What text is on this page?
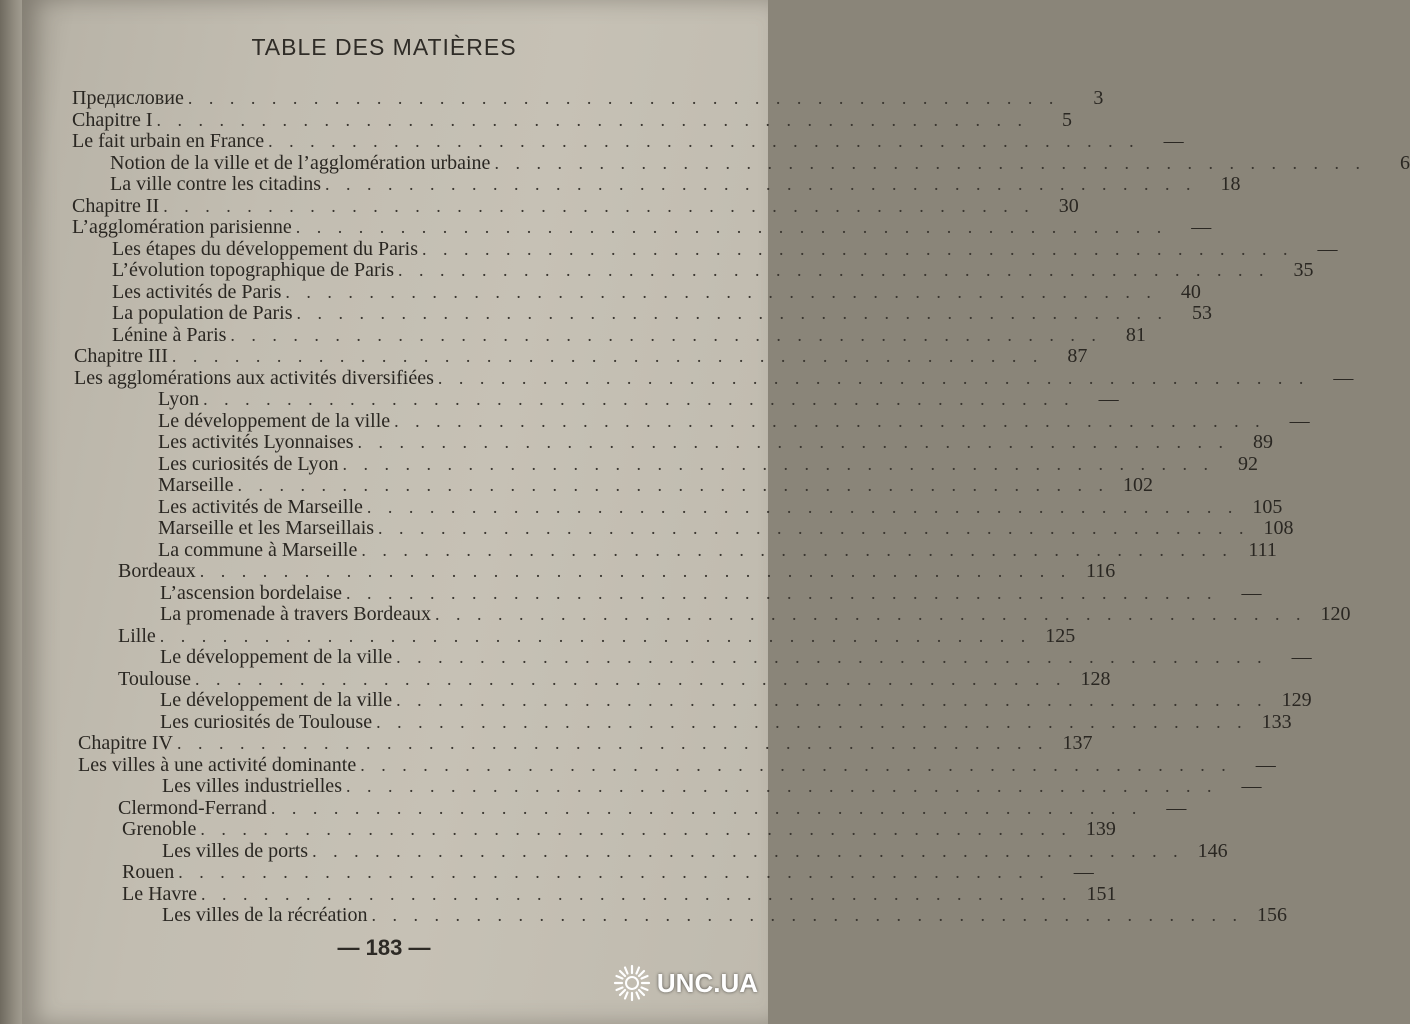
TABLE DES MATIÈRES
Предисловие . . . . . . . . . . . . . . . . . . . . . . . . . . . . . . . . . . . . . . . . . .	3
Chapitre I . . . . . . . . . . . . . . . . . . . . . . . . . . . . . . . . . . . . . . . . . .	5
Le fait urbain en France . . . . . . . . . . . . . . . . . . . . . . . . . . . . . . . . . . . . . . . . . .	—
Notion de la ville et de l’agglomération urbaine . . . . . . . . . . . . . . . . . . . . . . . . . . . . . . . . . . . . . . . . . .	6
La ville contre les citadins . . . . . . . . . . . . . . . . . . . . . . . . . . . . . . . . . . . . . . . . . .	18
Chapitre II . . . . . . . . . . . . . . . . . . . . . . . . . . . . . . . . . . . . . . . . . .	30
L’agglomération parisienne . . . . . . . . . . . . . . . . . . . . . . . . . . . . . . . . . . . . . . . . . .	—
Les étapes du développement du Paris . . . . . . . . . . . . . . . . . . . . . . . . . . . . . . . . . . . . . . . . . .	—
L’évolution topographique de Paris . . . . . . . . . . . . . . . . . . . . . . . . . . . . . . . . . . . . . . . . . .	35
Les activités de Paris . . . . . . . . . . . . . . . . . . . . . . . . . . . . . . . . . . . . . . . . . .	40
La population de Paris . . . . . . . . . . . . . . . . . . . . . . . . . . . . . . . . . . . . . . . . . .	53
Lénine à Paris . . . . . . . . . . . . . . . . . . . . . . . . . . . . . . . . . . . . . . . . . .	81
Chapitre III . . . . . . . . . . . . . . . . . . . . . . . . . . . . . . . . . . . . . . . . . .	87
Les agglomérations aux activités diversifiées . . . . . . . . . . . . . . . . . . . . . . . . . . . . . . . . . . . . . . . . . .	—
Lyon . . . . . . . . . . . . . . . . . . . . . . . . . . . . . . . . . . . . . . . . . .	—
Le développement de la ville . . . . . . . . . . . . . . . . . . . . . . . . . . . . . . . . . . . . . . . . . .	—
Les activités Lyonnaises . . . . . . . . . . . . . . . . . . . . . . . . . . . . . . . . . . . . . . . . . .	89
Les curiosités de Lyon . . . . . . . . . . . . . . . . . . . . . . . . . . . . . . . . . . . . . . . . . .	92
Marseille . . . . . . . . . . . . . . . . . . . . . . . . . . . . . . . . . . . . . . . . . . 102
Les activités de Marseille . . . . . . . . . . . . . . . . . . . . . . . . . . . . . . . . . . . . . . . . . . 105
Marseille et les Marseillais . . . . . . . . . . . . . . . . . . . . . . . . . . . . . . . . . . . . . . . . . . 108
La commune à Marseille . . . . . . . . . . . . . . . . . . . . . . . . . . . . . . . . . . . . . . . . . . 111
Bordeaux . . . . . . . . . . . . . . . . . . . . . . . . . . . . . . . . . . . . . . . . . . 116
L’ascension bordelaise . . . . . . . . . . . . . . . . . . . . . . . . . . . . . . . . . . . . . . . . . .	—
La promenade à travers Bordeaux . . . . . . . . . . . . . . . . . . . . . . . . . . . . . . . . . . . . . . . . . . 120
Lille . . . . . . . . . . . . . . . . . . . . . . . . . . . . . . . . . . . . . . . . . . 125
Le développement de la ville . . . . . . . . . . . . . . . . . . . . . . . . . . . . . . . . . . . . . . . . . .	—
Toulouse . . . . . . . . . . . . . . . . . . . . . . . . . . . . . . . . . . . . . . . . . . 128
Le développement de la ville . . . . . . . . . . . . . . . . . . . . . . . . . . . . . . . . . . . . . . . . . . 129
Les curiosités de Toulouse . . . . . . . . . . . . . . . . . . . . . . . . . . . . . . . . . . . . . . . . . . 133
Chapitre IV . . . . . . . . . . . . . . . . . . . . . . . . . . . . . . . . . . . . . . . . . . 137
Les villes à une activité dominante . . . . . . . . . . . . . . . . . . . . . . . . . . . . . . . . . . . . . . . . . .	—
Les villes industrielles . . . . . . . . . . . . . . . . . . . . . . . . . . . . . . . . . . . . . . . . . .	—
Clermond-Ferrand . . . . . . . . . . . . . . . . . . . . . . . . . . . . . . . . . . . . . . . . . .	—
Grenoble . . . . . . . . . . . . . . . . . . . . . . . . . . . . . . . . . . . . . . . . . . 139
Les villes de ports . . . . . . . . . . . . . . . . . . . . . . . . . . . . . . . . . . . . . . . . . . 146
Rouen . . . . . . . . . . . . . . . . . . . . . . . . . . . . . . . . . . . . . . . . . .	—
Le Havre . . . . . . . . . . . . . . . . . . . . . . . . . . . . . . . . . . . . . . . . . . 151
Les villes de la récréation . . . . . . . . . . . . . . . . . . . . . . . . . . . . . . . . . . . . . . . . . . 156
— 183 —
UNC.UA
